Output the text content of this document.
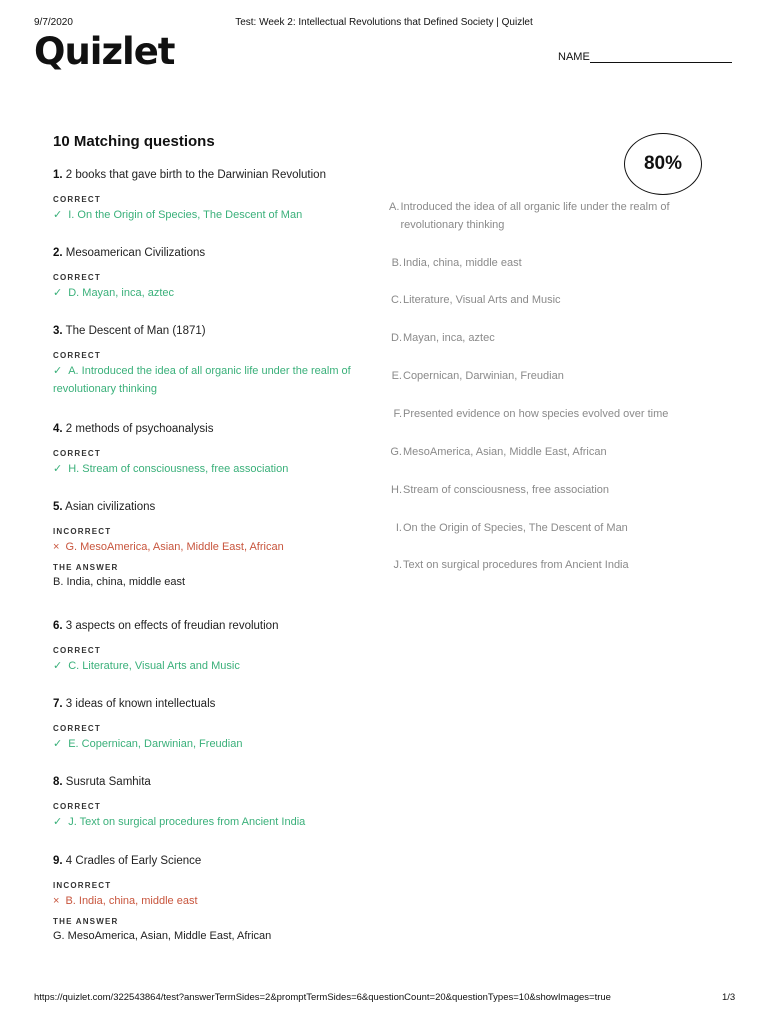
9/7/2020	Test: Week 2: Intellectual Revolutions that Defined Society | Quizlet
Quizlet	NAME
10 Matching questions
80%
1. 2 books that gave birth to the Darwinian Revolution
CORRECT
✓ I. On the Origin of Species, The Descent of Man
2. Mesoamerican Civilizations
CORRECT
✓ D. Mayan, inca, aztec
3. The Descent of Man (1871)
CORRECT
✓ A. Introduced the idea of all organic life under the realm of revolutionary thinking
4. 2 methods of psychoanalysis
CORRECT
✓ H. Stream of consciousness, free association
5. Asian civilizations
INCORRECT
× G. MesoAmerica, Asian, Middle East, African
THE ANSWER
B. India, china, middle east
6. 3 aspects on effects of freudian revolution
CORRECT
✓ C. Literature, Visual Arts and Music
7. 3 ideas of known intellectuals
CORRECT
✓ E. Copernican, Darwinian, Freudian
8. Susruta Samhita
CORRECT
✓ J. Text on surgical procedures from Ancient India
9. 4 Cradles of Early Science
INCORRECT
× B. India, china, middle east
THE ANSWER
G. MesoAmerica, Asian, Middle East, African
A. Introduced the idea of all organic life under the realm of revolutionary thinking
B. India, china, middle east
C. Literature, Visual Arts and Music
D. Mayan, inca, aztec
E. Copernican, Darwinian, Freudian
F. Presented evidence on how species evolved over time
G. MesoAmerica, Asian, Middle East, African
H. Stream of consciousness, free association
I. On the Origin of Species, The Descent of Man
J. Text on surgical procedures from Ancient India
https://quizlet.com/322543864/test?answerTermSides=2&promptTermSides=6&questionCount=20&questionTypes=10&showImages=true	1/3
